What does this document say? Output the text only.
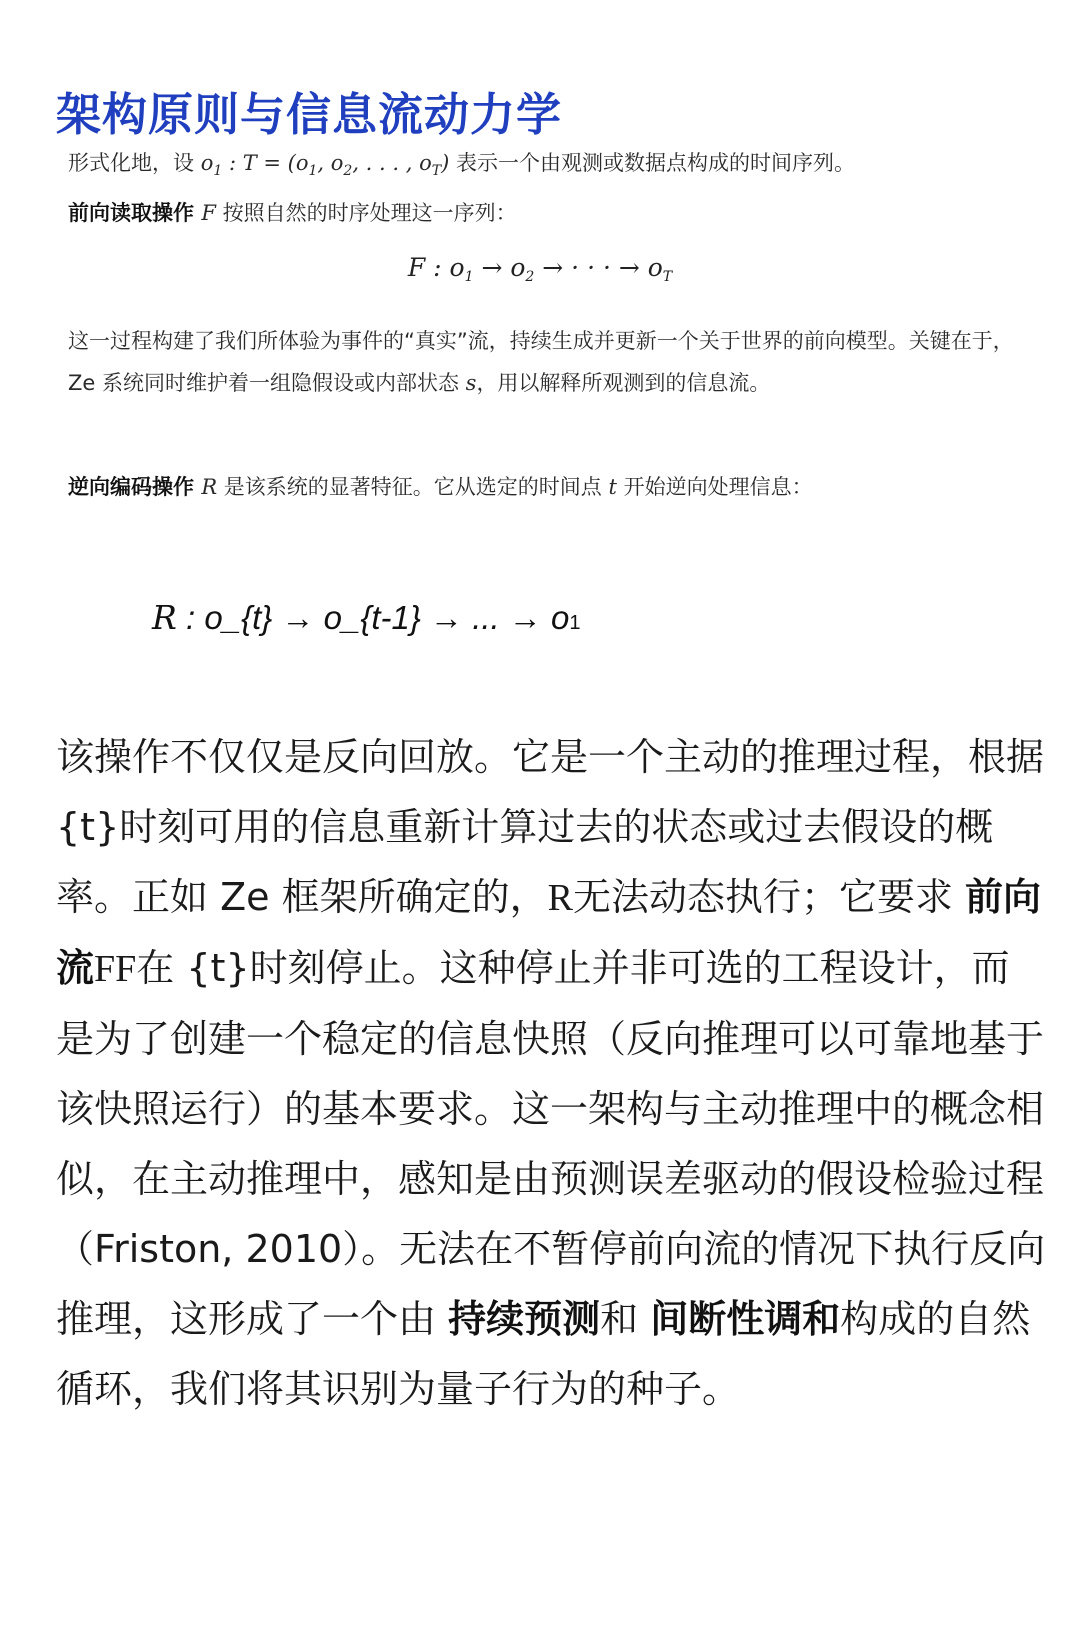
架构原则与信息流动力学
形式化地，设 $o_1$ : $T = (o_1$, $o_2$, . . . , $o_T$) 表示一个由观测或数据点构成的时间序列。
前向读取操作 F 按照自然的时序处理这一序列：
F : $o_1 \to o_2$ → · · · → $o_T$
这一过程构建了我们所体验为事件的“真实”流，持续生成并更新一个关于世界的前向模型。关键在于，Ze 系统同时维护着一组隐假设或内部状态 s，用以解释所观测到的信息流。
逆向编码操作 R 是该系统的显著特征。它从选定的时间点 t 开始逆向处理信息：
R : o_{t} → o_{t-1} → ... → o1
该操作不仅仅是反向回放。它是一个主动的推理过程，根据 {t}时刻可用的信息重新计算过去的状态或过去假设的概率。正如 Ze 框架所确定的，R无法动态执行；它要求 前向流FF在 {t}时刻停止。这种停止并非可选的工程设计，而是为了创建一个稳定的信息快照（反向推理可以可靠地基于该快照运行）的基本要求。这一架构与主动推理中的概念相似，在主动推理中，感知是由预测误差驱动的假设检验过程（Friston, 2010）。无法在不暂停前向流的情况下执行反向推理，这形成了一个由 持续预测和 间断性调和构成的自然循环，我们将其识别为量子行为的种子。
